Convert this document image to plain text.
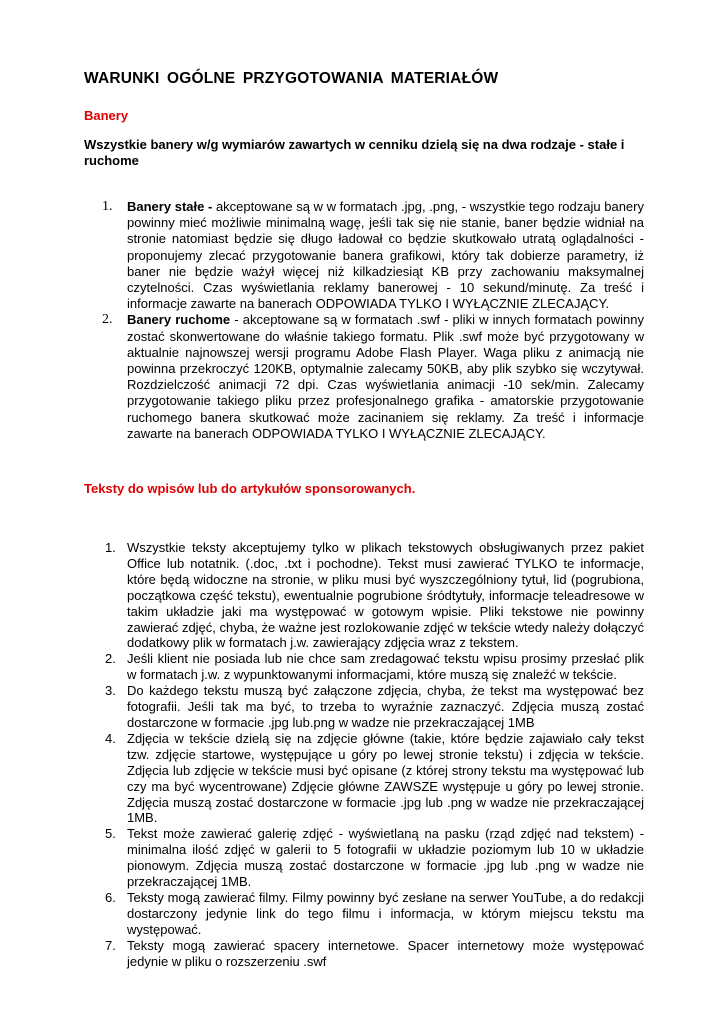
WARUNKI OGÓLNE PRZYGOTOWANIA MATERIAŁÓW
Banery
Wszystkie banery w/g wymiarów zawartych w cenniku dzielą się na dwa rodzaje - stałe i ruchome
1. Banery stałe - akceptowane są w w formatach .jpg, .png, - wszystkie tego rodzaju banery powinny mieć możliwie minimalną wagę, jeśli tak się nie stanie, baner będzie widniał na stronie natomiast będzie się długo ładował co będzie skutkowało utratą oglądalności - proponujemy zlecać przygotowanie banera grafikowi, który tak dobierze parametry, iż baner nie będzie ważył więcej niż kilkadziesiąt KB przy zachowaniu maksymalnej czytelności. Czas wyświetlania reklamy banerowej - 10 sekund/minutę. Za treść i informacje zawarte na banerach ODPOWIADA TYLKO I WYŁĄCZNIE ZLECAJĄCY.
2. Banery ruchome - akceptowane są w formatach .swf - pliki w innych formatach powinny zostać skonwertowane do właśnie takiego formatu. Plik .swf może być przygotowany w aktualnie najnowszej wersji programu Adobe Flash Player. Waga pliku z animacją nie powinna przekroczyć 120KB, optymalnie zalecamy 50KB, aby plik szybko się wczytywał. Rozdzielczość animacji 72 dpi. Czas wyświetlania animacji -10 sek/min. Zalecamy przygotowanie takiego pliku przez profesjonalnego grafika - amatorskie przygotowanie ruchomego banera skutkować może zacinaniem się reklamy. Za treść i informacje zawarte na banerach ODPOWIADA TYLKO I WYŁĄCZNIE ZLECAJĄCY.
Teksty do wpisów lub do artykułów sponsorowanych.
1. Wszystkie teksty akceptujemy tylko w plikach tekstowych obsługiwanych przez pakiet Office lub notatnik. (.doc, .txt i pochodne). Tekst musi zawierać TYLKO te informacje, które będą widoczne na stronie, w pliku musi być wyszczególniony tytuł, lid (pogrubiona, początkowa część tekstu), ewentualnie pogrubione śródtytuły, informacje teleadresowe w takim układzie jaki ma występować w gotowym wpisie. Pliki tekstowe nie powinny zawierać zdjęć, chyba, że ważne jest rozlokowanie zdjęć w tekście wtedy należy dołączyć dodatkowy plik w formatach j.w. zawierający zdjęcia wraz z tekstem.
2. Jeśli klient nie posiada lub nie chce sam zredagować tekstu wpisu prosimy przesłać plik w formatach j.w. z wypunktowanymi informacjami, które muszą się znaleźć w tekście.
3. Do każdego tekstu muszą być załączone zdjęcia, chyba, że tekst ma występować bez fotografii. Jeśli tak ma być, to trzeba to wyraźnie zaznaczyć. Zdjęcia muszą zostać dostarczone w formacie .jpg lub.png w wadze nie przekraczającej 1MB
4. Zdjęcia w tekście dzielą się na zdjęcie główne (takie, które będzie zajawiało cały tekst tzw. zdjęcie startowe, występujące u góry po lewej stronie tekstu) i zdjęcia w tekście. Zdjęcia lub zdjęcie w tekście musi być opisane (z której strony tekstu ma występować lub czy ma być wycentrowane) Zdjęcie główne ZAWSZE występuje u góry po lewej stronie. Zdjęcia muszą zostać dostarczone w formacie .jpg lub .png w wadze nie przekraczającej 1MB.
5. Tekst może zawierać galerię zdjęć - wyświetlaną na pasku (rząd zdjęć nad tekstem) - minimalna ilość zdjęć w galerii to 5 fotografii w układzie poziomym lub 10 w układzie pionowym. Zdjęcia muszą zostać dostarczone w formacie .jpg lub .png w wadze nie przekraczającej 1MB.
6. Teksty mogą zawierać filmy. Filmy powinny być zesłane na serwer YouTube, a do redakcji dostarczony jedynie link do tego filmu i informacja, w którym miejscu tekstu ma występować.
7. Teksty mogą zawierać spacery internetowe. Spacer internetowy może występować jedynie w pliku o rozszerzeniu .swf
